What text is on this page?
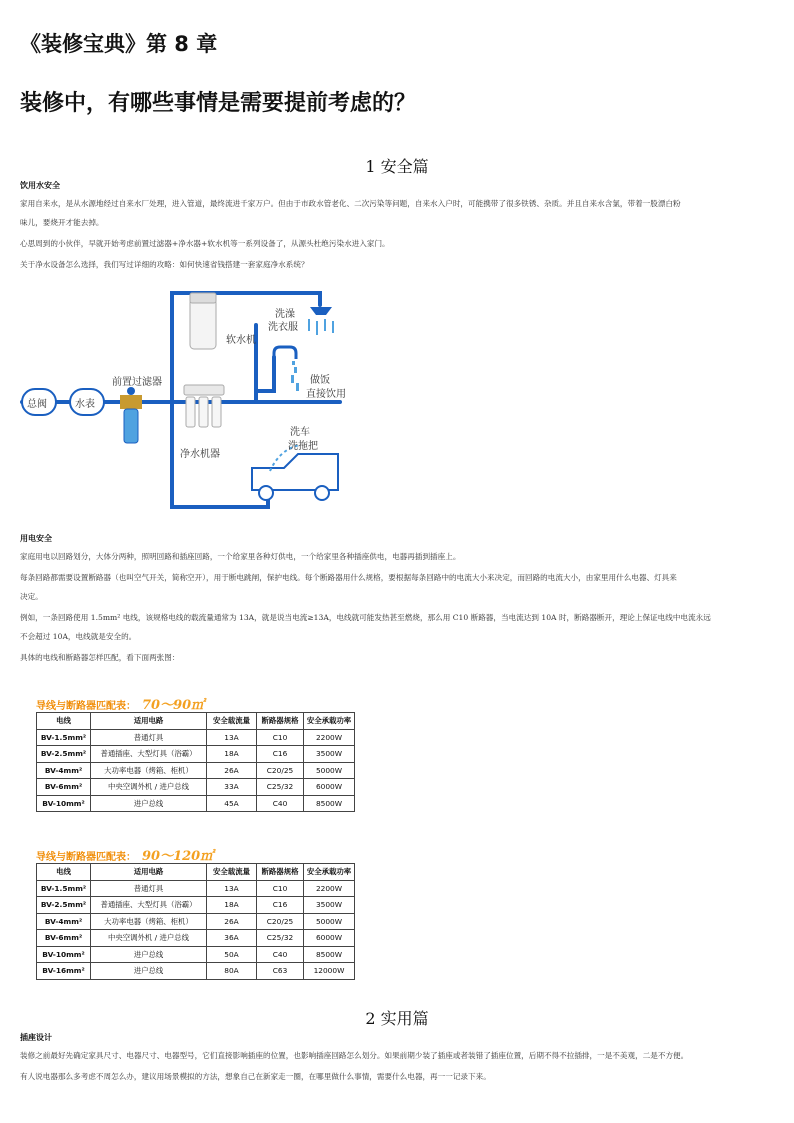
《装修宝典》第 8 章
装修中，有哪些事情是需要提前考虑的？
1 安全篇
饮用水安全

家用自来水，是从水源地经过自来水厂处理，进入管道，最终流进千家万户。但由于市政水管老化、二次污染等问题，自来水入户时，可能携带了很多铁锈、杂质。并且自来水含氯，带着一股漂白粉

味儿，要烧开才能去掉。

心思周到的小伙伴，早就开始考虑前置过滤器+净水器+软水机等一系列设备了，从源头杜绝污染水进入家门。

关于净水设备怎么选择，我们写过详细的攻略：如何快速省钱搭建一套家庭净水系统？

总阀	水表
前置过滤器
软水机
洗澡
洗衣服
净水机器
做饭
直接饮用
洗车
洗拖把
用电安全

家庭用电以回路划分，大体分两种，照明回路和插座回路，一个给家里各种灯供电，一个给家里各种插座供电，电器再插到插座上。

每条回路都需要设置断路器（也叫空气开关，简称空开），用于断电跳闸，保护电线。每个断路器用什么规格，要根据每条回路中的电流大小来决定，而回路的电流大小，由家里用什么电器、灯具来

决定。

例如，一条回路使用 1.5mm² 电线，该规格电线的载流量通常为 13A，就是说当电流≥13A，电线就可能发热甚至燃烧，那么用 C10 断路器，当电流达到 10A 时，断路器断开，理论上保证电线中电流永远

不会超过 10A，电线就是安全的。

具体的电线和断路器怎样匹配，看下面两张图：

导线与断路器匹配表： 70～90㎡
电线	适用电路	安全载流量	断路器规格	安全承载功率
BV-1.5mm²	普通灯具	13A	C10	2200W
BV-2.5mm²	普通插座、大型灯具（浴霸）	18A	C16	3500W
BV-4mm²	大功率电器（烤箱、柜机）	26A	C20/25	5000W
BV-6mm²	中央空调外机 / 进户总线	33A	C25/32	6000W
BV-10mm²	进户总线	45A	C40	8500W
导线与断路器匹配表： 90～120㎡
电线	适用电路	安全载流量	断路器规格	安全承载功率
BV-1.5mm²	普通灯具	13A	C10	2200W
BV-2.5mm²	普通插座、大型灯具（浴霸）	18A	C16	3500W
BV-4mm²	大功率电器（烤箱、柜机）	26A	C20/25	5000W
BV-6mm²	中央空调外机 / 进户总线	36A	C25/32	6000W
BV-10mm²	进户总线	50A	C40	8500W
BV-16mm²	进户总线	80A	C63	12000W
2 实用篇
插座设计

装修之前最好先确定家具尺寸、电器尺寸、电器型号，它们直接影响插座的位置，也影响插座回路怎么划分。如果前期少装了插座或者装错了插座位置，后期不得不拉插排，一是不美观，二是不方便。

有人说电器那么多考虑不周怎么办，建议用场景模拟的方法，想象自己在新家走一圈，在哪里做什么事情，需要什么电器，再一一记录下来。
